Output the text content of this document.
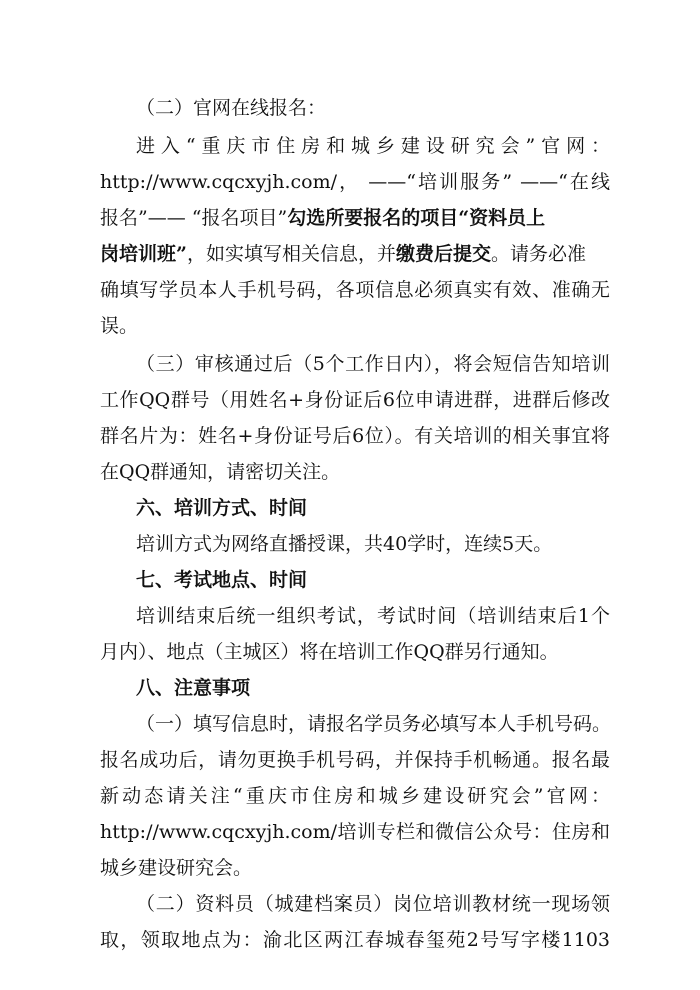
（二）官网在线报名：
进入“重庆市住房和城乡建设研究会”官网：
http://www.cqcxyjh.com/， ——“培训服务” ——“在线
报名”—— “报名项目”勾选所要报名的项目“资料员上
岗培训班”，如实填写相关信息，并缴费后提交。请务必准
确填写学员本人手机号码，各项信息必须真实有效、准确无
误。
（三）审核通过后（5个工作日内），将会短信告知培训
工作QQ群号（用姓名+身份证后6位申请进群，进群后修改
群名片为：姓名+身份证号后6位）。有关培训的相关事宜将
在QQ群通知，请密切关注。
六、培训方式、时间
培训方式为网络直播授课，共40学时，连续5天。
七、考试地点、时间
培训结束后统一组织考试，考试时间（培训结束后1个
月内）、地点（主城区）将在培训工作QQ群另行通知。
八、注意事项
（一）填写信息时，请报名学员务必填写本人手机号码。
报名成功后，请勿更换手机号码，并保持手机畅通。报名最
新动态请关注“重庆市住房和城乡建设研究会”官网：
http://www.cqcxyjh.com/培训专栏和微信公众号：住房和
城乡建设研究会。
（二）资料员（城建档案员）岗位培训教材统一现场领
取，领取地点为：渝北区两江春城春玺苑2号写字楼1103
